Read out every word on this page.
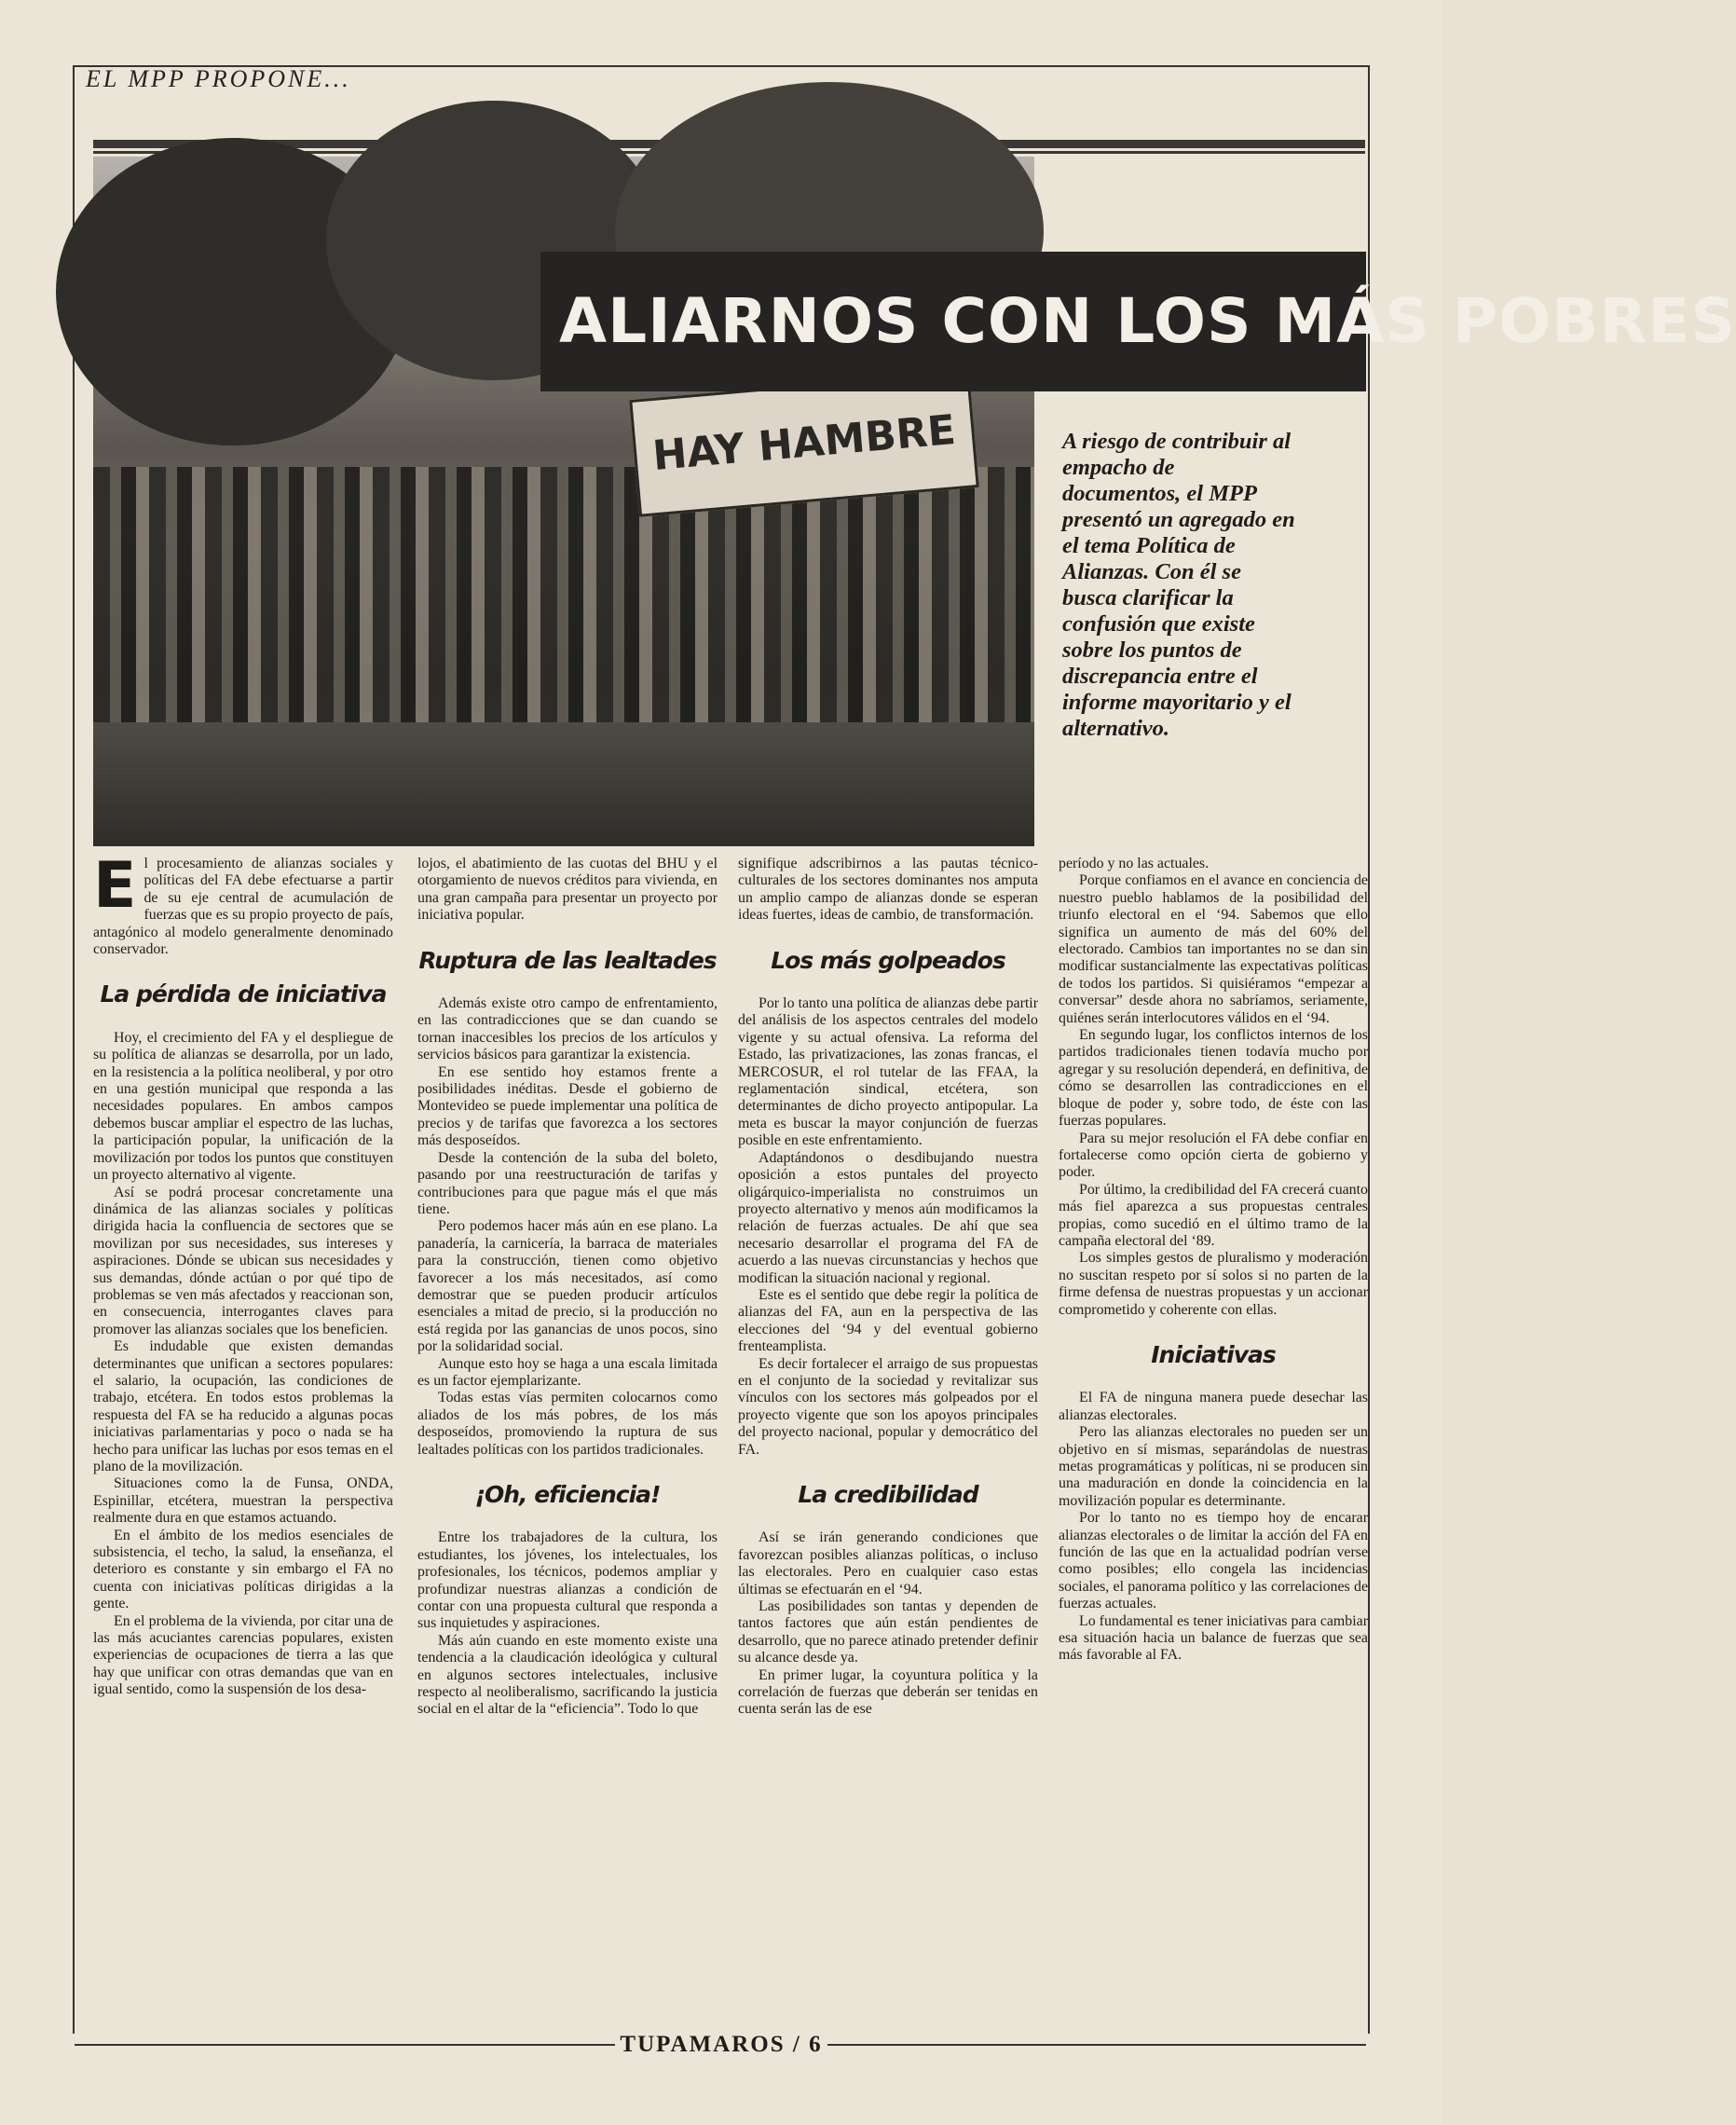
EL MPP PROPONE...
HAY HAMBRE
ALIARNOS CON LOS MÁS POBRES
A riesgo de contribuir al empacho de documentos, el MPP presentó un agregado en el tema Política de Alianzas. Con él se busca clarificar la confusión que existe sobre los puntos de discrepancia entre el informe mayoritario y el alternativo.
E l procesamiento de alianzas sociales y políticas del FA debe efectuarse a partir de su eje central de acumulación de fuerzas que es su propio proyecto de país, antagónico al modelo generalmente denominado conservador.

La pérdida de iniciativa

Hoy, el crecimiento del FA y el despliegue de su política de alianzas se desarrolla, por un lado, en la resistencia a la política neoliberal, y por otro en una gestión municipal que responda a las necesidades populares. En ambos campos debemos buscar ampliar el espectro de las luchas, la participación popular, la unificación de la movilización por todos los puntos que constituyen un proyecto alternativo al vigente.

Así se podrá procesar concretamente una dinámica de las alianzas sociales y políticas dirigida hacia la confluencia de sectores que se movilizan por sus necesidades, sus intereses y aspiraciones. Dónde se ubican sus necesidades y sus demandas, dónde actúan o por qué tipo de problemas se ven más afectados y reaccionan son, en consecuencia, interrogantes claves para promover las alianzas sociales que los beneficien.

Es indudable que existen demandas determinantes que unifican a sectores populares: el salario, la ocupación, las condiciones de trabajo, etcétera. En todos estos problemas la respuesta del FA se ha reducido a algunas pocas iniciativas parlamentarias y poco o nada se ha hecho para unificar las luchas por esos temas en el plano de la movilización.

Situaciones como la de Funsa, ONDA, Espinillar, etcétera, muestran la perspectiva realmente dura en que estamos actuando.

En el ámbito de los medios esenciales de subsistencia, el techo, la salud, la enseñanza, el deterioro es constante y sin embargo el FA no cuenta con iniciativas políticas dirigidas a la gente.

En el problema de la vivienda, por citar una de las más acuciantes carencias populares, existen experiencias de ocupaciones de tierra a las que hay que unificar con otras demandas que van en igual sentido, como la suspensión de los desa-

lojos, el abatimiento de las cuotas del BHU y el otorgamiento de nuevos créditos para vivienda, en una gran campaña para presentar un proyecto por iniciativa popular.

Ruptura de las lealtades

Además existe otro campo de enfrentamiento, en las contradicciones que se dan cuando se tornan inaccesibles los precios de los artículos y servicios básicos para garantizar la existencia.

En ese sentido hoy estamos frente a posibilidades inéditas. Desde el gobierno de Montevideo se puede implementar una política de precios y de tarifas que favorezca a los sectores más desposeídos.

Desde la contención de la suba del boleto, pasando por una reestructuración de tarifas y contribuciones para que pague más el que más tiene.

Pero podemos hacer más aún en ese plano. La panadería, la carnicería, la barraca de materiales para la construcción, tienen como objetivo favorecer a los más necesitados, así como demostrar que se pueden producir artículos esenciales a mitad de precio, si la producción no está regida por las ganancias de unos pocos, sino por la solidaridad social.

Aunque esto hoy se haga a una escala limitada es un factor ejemplarizante.

Todas estas vías permiten colocarnos como aliados de los más pobres, de los más desposeídos, promoviendo la ruptura de sus lealtades políticas con los partidos tradicionales.

¡Oh, eficiencia!

Entre los trabajadores de la cultura, los estudiantes, los jóvenes, los intelectuales, los profesionales, los técnicos, podemos ampliar y profundizar nuestras alianzas a condición de contar con una propuesta cultural que responda a sus inquietudes y aspiraciones.

Más aún cuando en este momento existe una tendencia a la claudicación ideológica y cultural en algunos sectores intelectuales, inclusive respecto al neoliberalismo, sacrificando la justicia social en el altar de la “eficiencia”. Todo lo que

signifique adscribirnos a las pautas técnico-culturales de los sectores dominantes nos amputa un amplio campo de alianzas donde se esperan ideas fuertes, ideas de cambio, de transformación.

Los más golpeados

Por lo tanto una política de alianzas debe partir del análisis de los aspectos centrales del modelo vigente y su actual ofensiva. La reforma del Estado, las privatizaciones, las zonas francas, el MERCOSUR, el rol tutelar de las FFAA, la reglamentación sindical, etcétera, son determinantes de dicho proyecto antipopular. La meta es buscar la mayor conjunción de fuerzas posible en este enfrentamiento.

Adaptándonos o desdibujando nuestra oposición a estos puntales del proyecto oligárquico-imperialista no construimos un proyecto alternativo y menos aún modificamos la relación de fuerzas actuales. De ahí que sea necesario desarrollar el programa del FA de acuerdo a las nuevas circunstancias y hechos que modifican la situación nacional y regional.

Este es el sentido que debe regir la política de alianzas del FA, aun en la perspectiva de las elecciones del ‘94 y del eventual gobierno frenteamplista.

Es decir fortalecer el arraigo de sus propuestas en el conjunto de la sociedad y revitalizar sus vínculos con los sectores más golpeados por el proyecto vigente que son los apoyos principales del proyecto nacional, popular y democrático del FA.

La credibilidad

Así se irán generando condiciones que favorezcan posibles alianzas políticas, o incluso las electorales. Pero en cualquier caso estas últimas se efectuarán en el ‘94.

Las posibilidades son tantas y dependen de tantos factores que aún están pendientes de desarrollo, que no parece atinado pretender definir su alcance desde ya.

En primer lugar, la coyuntura política y la correlación de fuerzas que deberán ser tenidas en cuenta serán las de ese

período y no las actuales.

Porque confiamos en el avance en conciencia de nuestro pueblo hablamos de la posibilidad del triunfo electoral en el ‘94. Sabemos que ello significa un aumento de más del 60% del electorado. Cambios tan importantes no se dan sin modificar sustancialmente las expectativas políticas de todos los partidos. Si quisiéramos “empezar a conversar” desde ahora no sabríamos, seriamente, quiénes serán interlocutores válidos en el ‘94.

En segundo lugar, los conflictos internos de los partidos tradicionales tienen todavía mucho por agregar y su resolución dependerá, en definitiva, de cómo se desarrollen las contradicciones en el bloque de poder y, sobre todo, de éste con las fuerzas populares.

Para su mejor resolución el FA debe confiar en fortalecerse como opción cierta de gobierno y poder.

Por último, la credibilidad del FA crecerá cuanto más fiel aparezca a sus propuestas centrales propias, como sucedió en el último tramo de la campaña electoral del ‘89.

Los simples gestos de pluralismo y moderación no suscitan respeto por sí solos si no parten de la firme defensa de nuestras propuestas y un accionar comprometido y coherente con ellas.

Iniciativas

El FA de ninguna manera puede desechar las alianzas electorales.

Pero las alianzas electorales no pueden ser un objetivo en sí mismas, separándolas de nuestras metas programáticas y políticas, ni se producen sin una maduración en donde la coincidencia en la movilización popular es determinante.

Por lo tanto no es tiempo hoy de encarar alianzas electorales o de limitar la acción del FA en función de las que en la actualidad podrían verse como posibles; ello congela las incidencias sociales, el panorama político y las correlaciones de fuerzas actuales.

Lo fundamental es tener iniciativas para cambiar esa situación hacia un balance de fuerzas que sea más favorable al FA.

TUPAMAROS / 6
